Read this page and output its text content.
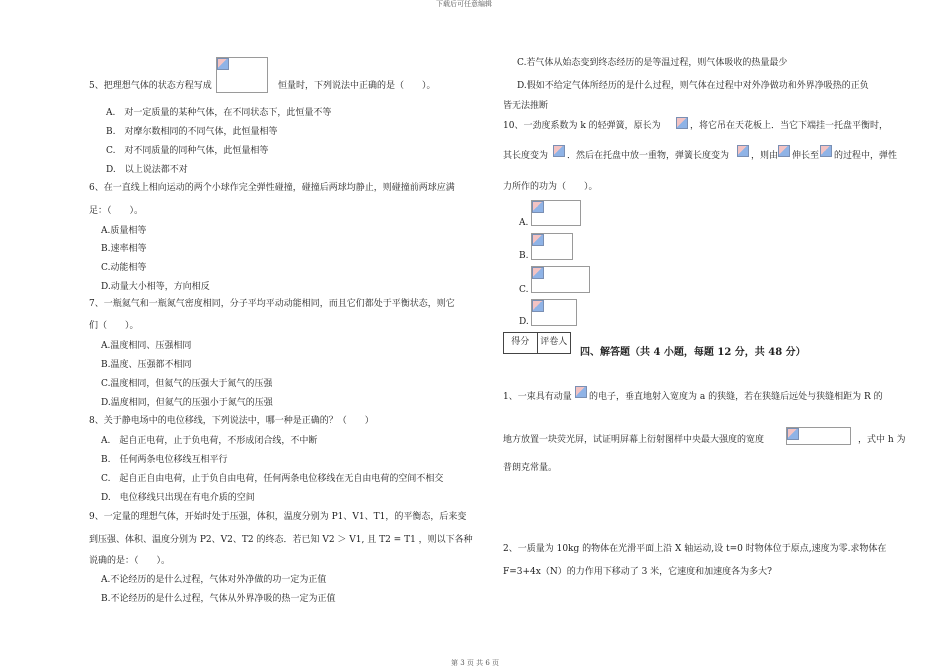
下载后可任意编辑
第 3 页 共 6 页
5、把理想气体的状态方程写成	恒量时，下列说法中正确的是（　　）。
A.　对一定质量的某种气体，在不同状态下，此恒量不等
B.　对摩尔数相同的不同气体，此恒量相等
C.　对不同质量的同种气体，此恒量相等
D.　以上说法都不对
6、在一直线上相向运动的两个小球作完全弹性碰撞，碰撞后两球均静止，则碰撞前两球应满
足：（　　）。
A.质量相等
B.速率相等
C.动能相等
D.动量大小相等，方向相反
7、一瓶氦气和一瓶氮气密度相同，分子平均平动动能相同，而且它们都处于平衡状态，则它
们（　　）。
A.温度相同、压强相同
B.温度、压强都不相同
C.温度相同，但氦气的压强大于氮气的压强
D.温度相同，但氦气的压强小于氮气的压强
8、关于静电场中的电位移线，下列说法中，哪一种是正确的？（　　）
A.　起自正电荷，止于负电荷，不形成闭合线，不中断
B.　任何两条电位移线互相平行
C.　起自正自由电荷，止于负自由电荷，任何两条电位移线在无自由电荷的空间不相交
D.　电位移线只出现在有电介质的空间
9、一定量的理想气体，开始时处于压强，体积，温度分别为 P1、V1、T1，的平衡态，后来变
到压强、体积、温度分别为 P2、V2、T2 的终态．若已知 V2 ＞ V1, 且 T2 = T1 ，则以下各种
说确的是：（　　）。
A.不论经历的是什么过程，气体对外净做的功一定为正值
B.不论经历的是什么过程，气体从外界净吸的热一定为正值
C.若气体从始态变到终态经历的是等温过程，则气体吸收的热量最少
D.假如不给定气体所经历的是什么过程，则气体在过程中对外净做功和外界净吸热的正负
皆无法推断
10、一劲度系数为 k 的轻弹簧，原长为	，将它吊在天花板上．当它下端挂一托盘平衡时，
其长度变为 ．然后在托盘中放一重物，弹簧长度变为 ，则由 伸长至 的过程中，弹性
力所作的功为（　　）。
A.
B.
C.
D.
得分	评卷人
四、解答题（共 4 小题，每题 12 分，共 48 分）
1、一束具有动量 的电子，垂直地射入宽度为 a 的狭缝，若在狭缝后远处与狭缝相距为 R 的
地方放置一块荧光屏，试证明屏幕上衍射图样中央最大强度的宽度	，式中 h 为
普朗克常量。
2、一质量为 10kg 的物体在光滑平面上沿 X 轴运动,设 t=0 时物体位于原点,速度为零.求物体在
F=3+4x（N）的力作用下移动了 3 米，它速度和加速度各为多大?
